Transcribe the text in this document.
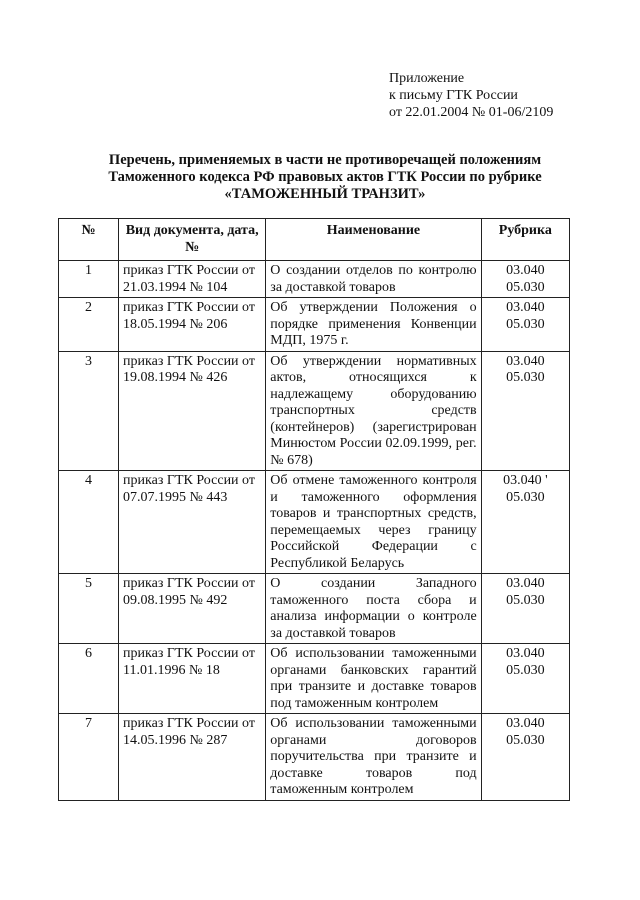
Приложение
к письму ГТК России
от 22.01.2004 № 01-06/2109
Перечень, применяемых в части не противоречащей положениям
Таможенного кодекса РФ правовых актов ГТК России по рубрике
«ТАМОЖЕННЫЙ ТРАНЗИТ»
№	Вид документа, дата, №	Наименование	Рубрика
1	приказ ГТК России от 21.03.1994 № 104	О создании отделов по контролю за доставкой товаров	03.040
05.030

2	приказ ГТК России от 18.05.1994 № 206	Об утверждении Положения о порядке применения Конвенции МДП, 1975 г.	03.040
05.030

3	приказ ГТК России от 19.08.1994 № 426	Об утверждении нормативных актов, относящихся к надлежащему оборудованию транспортных средств (контейнеров) (зарегистрирован Минюстом России 02.09.1999, рег. № 678)	03.040
05.030

4	приказ ГТК России от 07.07.1995 № 443	Об отмене таможенного контроля и таможенного оформления товаров и транспортных средств, перемещаемых через границу Российской Федерации с Республикой Беларусь	03.040 '
05.030

5	приказ ГТК России от 09.08.1995 № 492	О создании Западного таможенного поста сбора и анализа информации о контроле за доставкой товаров	03.040
05.030

6	приказ ГТК России от 11.01.1996 № 18	Об использовании таможенными органами банковских гарантий при транзите и доставке товаров под таможенным контролем	03.040
05.030

7	приказ ГТК России от 14.05.1996 № 287	Об использовании таможенными органами договоров поручительства при транзите и доставке товаров под таможенным контролем	03.040
05.030
